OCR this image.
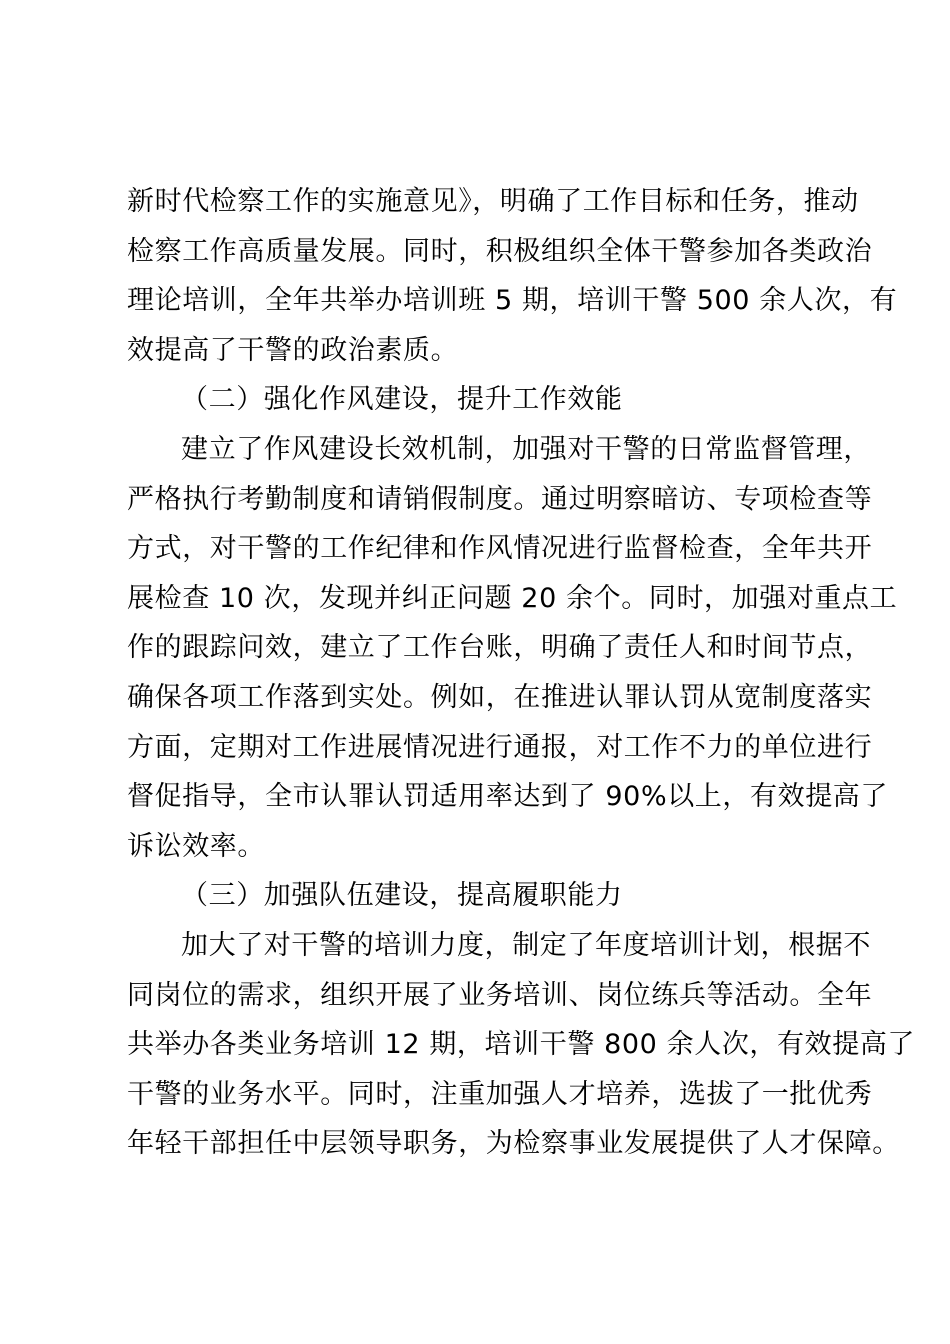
新时代检察工作的实施意见》，明确了工作目标和任务，推动
检察工作高质量发展。同时，积极组织全体干警参加各类政治
理论培训，全年共举办培训班 5 期，培训干警 500 余人次，有
效提高了干警的政治素质。
（二）强化作风建设，提升工作效能
建立了作风建设长效机制，加强对干警的日常监督管理，
严格执行考勤制度和请销假制度。通过明察暗访、专项检查等
方式，对干警的工作纪律和作风情况进行监督检查，全年共开
展检查 10 次，发现并纠正问题 20 余个。同时，加强对重点工
作的跟踪问效，建立了工作台账，明确了责任人和时间节点，
确保各项工作落到实处。例如，在推进认罪认罚从宽制度落实
方面，定期对工作进展情况进行通报，对工作不力的单位进行
督促指导，全市认罪认罚适用率达到了 90%以上，有效提高了
诉讼效率。
（三）加强队伍建设，提高履职能力
加大了对干警的培训力度，制定了年度培训计划，根据不
同岗位的需求，组织开展了业务培训、岗位练兵等活动。全年
共举办各类业务培训 12 期，培训干警 800 余人次，有效提高了
干警的业务水平。同时，注重加强人才培养，选拔了一批优秀
年轻干部担任中层领导职务，为检察事业发展提供了人才保障。
